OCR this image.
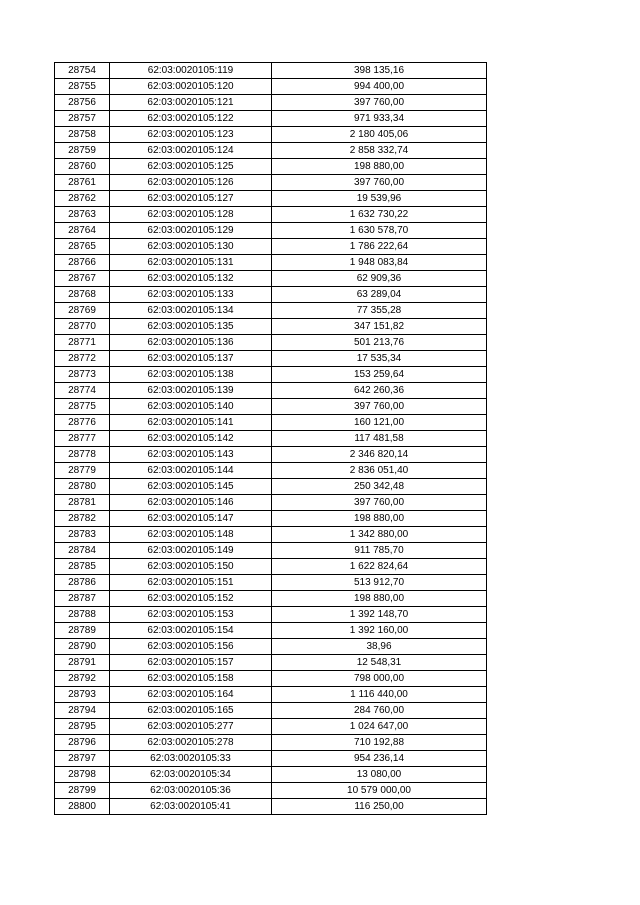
28754	62:03:0020105:119	398 135,16
28755	62:03:0020105:120	994 400,00
28756	62:03:0020105:121	397 760,00
28757	62:03:0020105:122	971 933,34
28758	62:03:0020105:123	2 180 405,06
28759	62:03:0020105:124	2 858 332,74
28760	62:03:0020105:125	198 880,00
28761	62:03:0020105:126	397 760,00
28762	62:03:0020105:127	19 539,96
28763	62:03:0020105:128	1 632 730,22
28764	62:03:0020105:129	1 630 578,70
28765	62:03:0020105:130	1 786 222,64
28766	62:03:0020105:131	1 948 083,84
28767	62:03:0020105:132	62 909,36
28768	62:03:0020105:133	63 289,04
28769	62:03:0020105:134	77 355,28
28770	62:03:0020105:135	347 151,82
28771	62:03:0020105:136	501 213,76
28772	62:03:0020105:137	17 535,34
28773	62:03:0020105:138	153 259,64
28774	62:03:0020105:139	642 260,36
28775	62:03:0020105:140	397 760,00
28776	62:03:0020105:141	160 121,00
28777	62:03:0020105:142	117 481,58
28778	62:03:0020105:143	2 346 820,14
28779	62:03:0020105:144	2 836 051,40
28780	62:03:0020105:145	250 342,48
28781	62:03:0020105:146	397 760,00
28782	62:03:0020105:147	198 880,00
28783	62:03:0020105:148	1 342 880,00
28784	62:03:0020105:149	911 785,70
28785	62:03:0020105:150	1 622 824,64
28786	62:03:0020105:151	513 912,70
28787	62:03:0020105:152	198 880,00
28788	62:03:0020105:153	1 392 148,70
28789	62:03:0020105:154	1 392 160,00
28790	62:03:0020105:156	38,96
28791	62:03:0020105:157	12 548,31
28792	62:03:0020105:158	798 000,00
28793	62:03:0020105:164	1 116 440,00
28794	62:03:0020105:165	284 760,00
28795	62:03:0020105:277	1 024 647,00
28796	62:03:0020105:278	710 192,88
28797	62:03:0020105:33	954 236,14
28798	62:03:0020105:34	13 080,00
28799	62:03:0020105:36	10 579 000,00
28800	62:03:0020105:41	116 250,00
